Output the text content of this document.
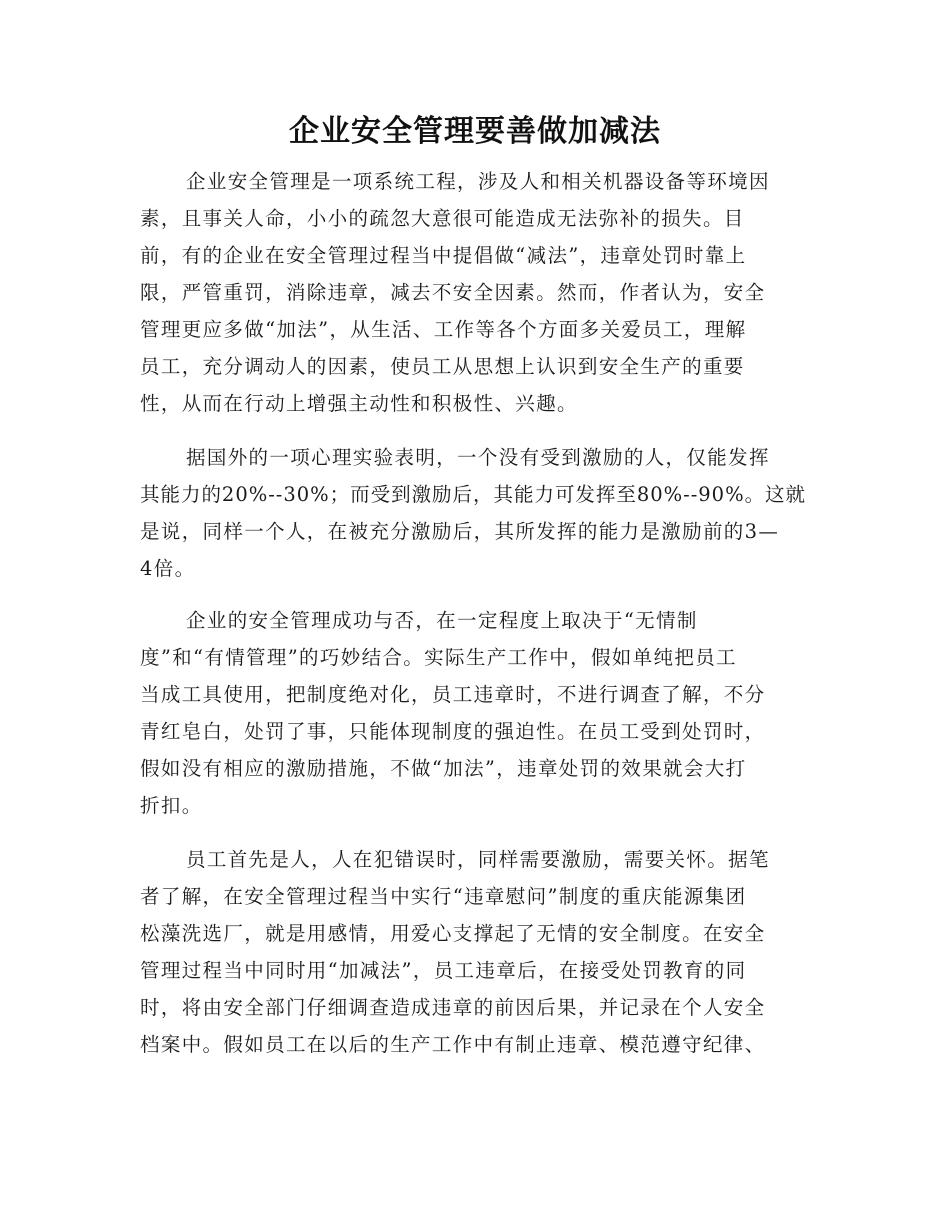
企业安全管理要善做加减法
企业安全管理是一项系统工程，涉及人和相关机器设备等环境因
素，且事关人命，小小的疏忽大意很可能造成无法弥补的损失。目
前，有的企业在安全管理过程当中提倡做“减法”，违章处罚时靠上
限，严管重罚，消除违章，减去不安全因素。然而，作者认为，安全
管理更应多做“加法”，从生活、工作等各个方面多关爱员工，理解
员工，充分调动人的因素，使员工从思想上认识到安全生产的重要
性，从而在行动上增强主动性和积极性、兴趣。
据国外的一项心理实验表明，一个没有受到激励的人，仅能发挥
其能力的20%--30%；而受到激励后，其能力可发挥至80%--90%。这就
是说，同样一个人，在被充分激励后，其所发挥的能力是激励前的3—
4倍。
企业的安全管理成功与否，在一定程度上取决于“无情制
度”和“有情管理”的巧妙结合。实际生产工作中，假如单纯把员工
当成工具使用，把制度绝对化，员工违章时，不进行调查了解，不分
青红皂白，处罚了事，只能体现制度的强迫性。在员工受到处罚时，
假如没有相应的激励措施，不做“加法”，违章处罚的效果就会大打
折扣。
员工首先是人，人在犯错误时，同样需要激励，需要关怀。据笔
者了解，在安全管理过程当中实行“违章慰问”制度的重庆能源集团
松藻洗选厂，就是用感情，用爱心支撑起了无情的安全制度。在安全
管理过程当中同时用“加减法”，员工违章后，在接受处罚教育的同
时，将由安全部门仔细调查造成违章的前因后果，并记录在个人安全
档案中。假如员工在以后的生产工作中有制止违章、模范遵守纪律、
